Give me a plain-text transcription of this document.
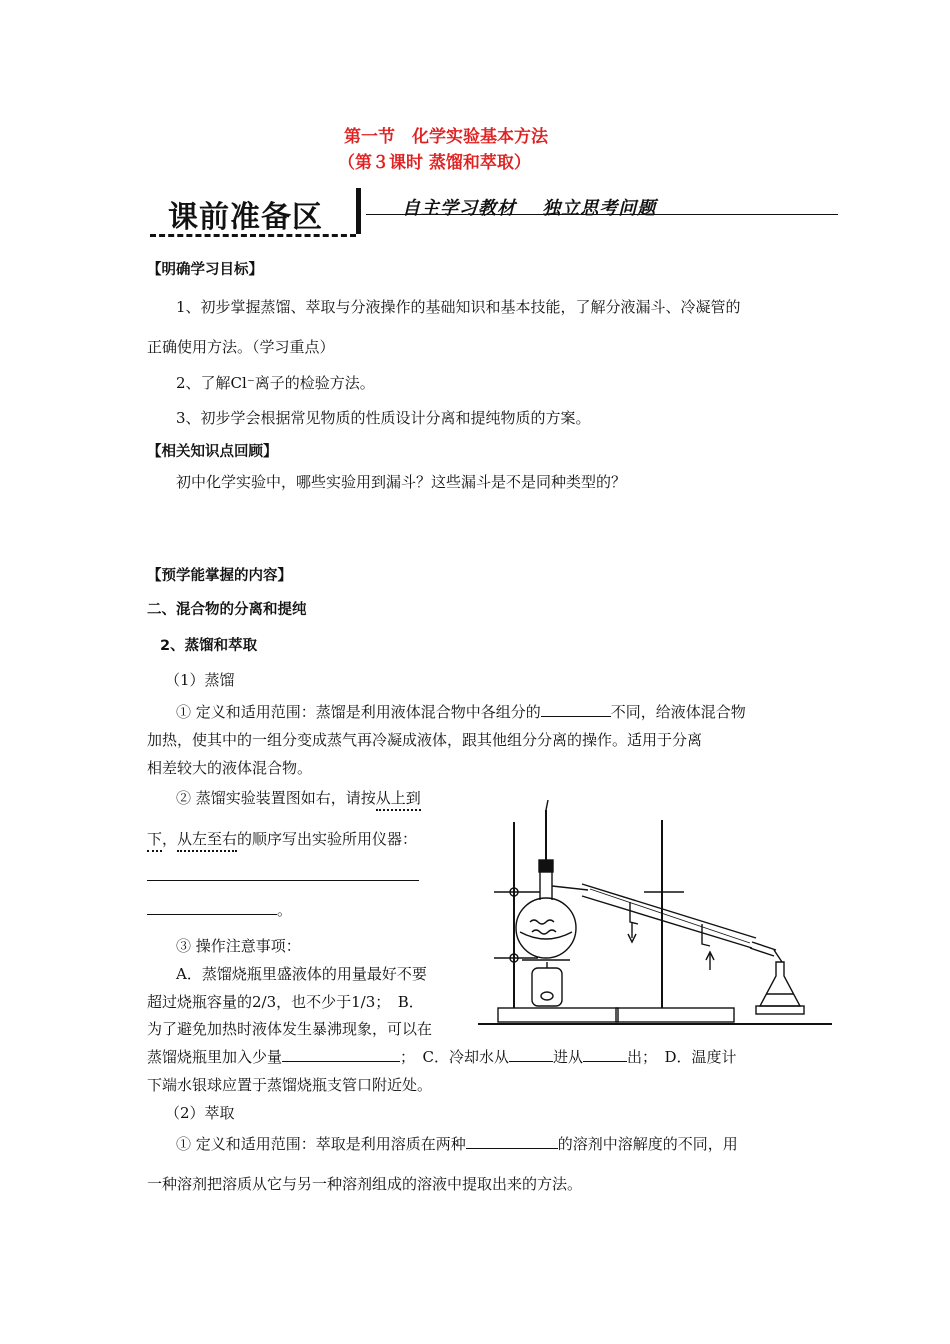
第一节　化学实验基本方法
（第３课时 蒸馏和萃取）
课前准备区	自主学习教材　 独立思考问题
【明确学习目标】
1、初步掌握蒸馏、萃取与分液操作的基础知识和基本技能，了解分液漏斗、冷凝管的
正确使用方法。（学习重点）
2、了解Cl⁻离子的检验方法。
3、初步学会根据常见物质的性质设计分离和提纯物质的方案。
【相关知识点回顾】
初中化学实验中，哪些实验用到漏斗？这些漏斗是不是同种类型的？
【预学能掌握的内容】
二、混合物的分离和提纯
2、蒸馏和萃取
（1）蒸馏
① 定义和适用范围：蒸馏是利用液体混合物中各组分的	不同，给液体混合物
加热，使其中的一组分变成蒸气再冷凝成液体，跟其他组分分离的操作。适用于分离
相差较大的液体混合物。
② 蒸馏实验装置图如右，请按从上到
下，从左至右的顺序写出实验所用仪器：
。
③ 操作注意事项：
A．蒸馏烧瓶里盛液体的用量最好不要
超过烧瓶容量的2/3，也不少于1/3；　B．
为了避免加热时液体发生暴沸现象，可以在
蒸馏烧瓶里加入少量	；　C．冷却水从	进从	出；　D．温度计
下端水银球应置于蒸馏烧瓶支管口附近处。
（2）萃取
① 定义和适用范围：萃取是利用溶质在两种	的溶剂中溶解度的不同，用
一种溶剂把溶质从它与另一种溶剂组成的溶液中提取出来的方法。
